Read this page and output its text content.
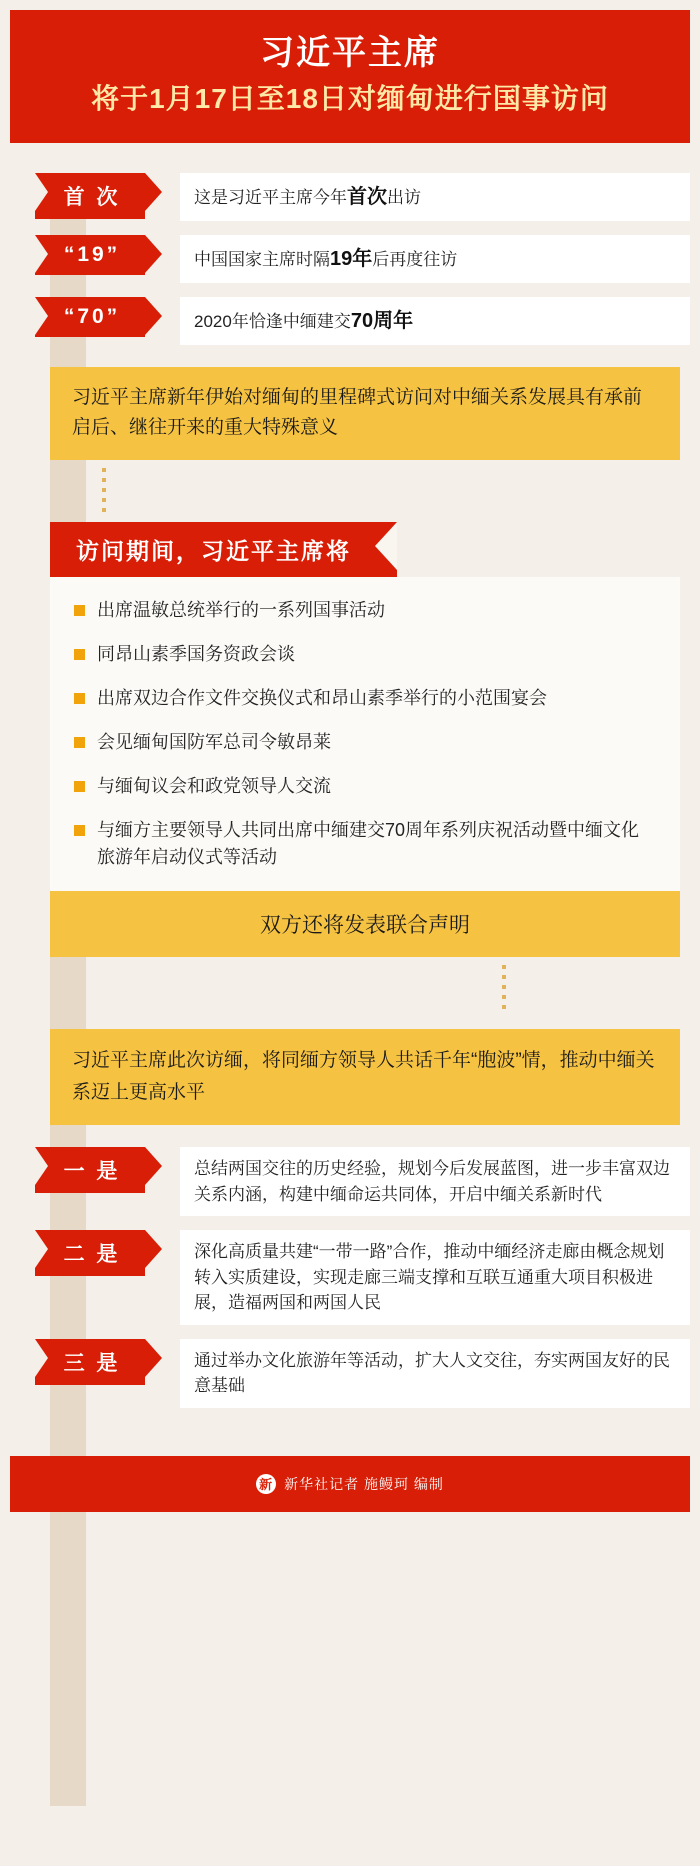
习近平主席
将于1月17日至18日对缅甸进行国事访问
首 次	这是习近平主席今年首次出访
“19”	中国国家主席时隔19年后再度往访
“70”	2020年恰逢中缅建交70周年
习近平主席新年伊始对缅甸的里程碑式访问对中缅关系发展具有承前启后、继往开来的重大特殊意义
访问期间，习近平主席将
出席温敏总统举行的一系列国事活动
同昂山素季国务资政会谈
出席双边合作文件交换仪式和昂山素季举行的小范围宴会
会见缅甸国防军总司令敏昂莱
与缅甸议会和政党领导人交流
与缅方主要领导人共同出席中缅建交70周年系列庆祝活动暨中缅文化旅游年启动仪式等活动
双方还将发表联合声明
习近平主席此次访缅，将同缅方领导人共话千年“胞波”情，推动中缅关系迈上更高水平
一 是	总结两国交往的历史经验，规划今后发展蓝图，进一步丰富双边关系内涵，构建中缅命运共同体，开启中缅关系新时代
二 是	深化高质量共建“一带一路”合作，推动中缅经济走廊由概念规划转入实质建设，实现走廊三端支撑和互联互通重大项目积极进展，造福两国和两国人民
三 是	通过举办文化旅游年等活动，扩大人文交往，夯实两国友好的民意基础
新 新华社记者 施鳗珂 编制
